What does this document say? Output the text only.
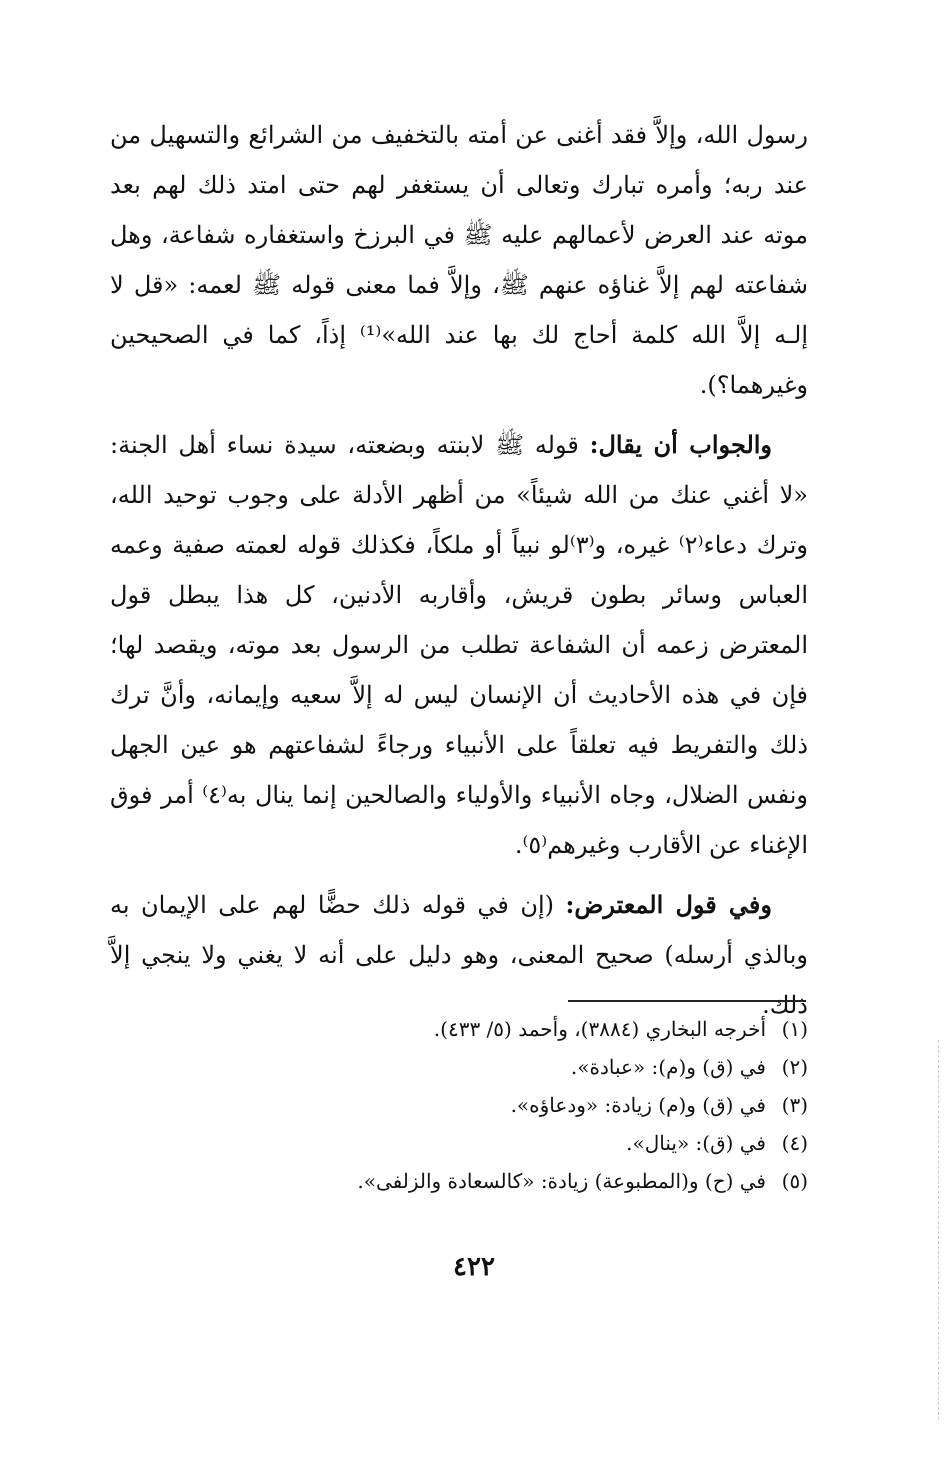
رسول الله، وإلاَّ فقد أغنى عن أمته بالتخفيف من الشرائع والتسهيل من عند ربه؛ وأمره تبارك وتعالى أن يستغفر لهم حتى امتد ذلك لهم بعد موته عند العرض لأعمالهم عليه ﷺ في البرزخ واستغفاره شفاعة، وهل شفاعته لهم إلاَّ غناؤه عنهم ﷺ، وإلاَّ فما معنى قوله ﷺ لعمه: «قل لا إلـه إلاَّ الله كلمة أحاج لك بها عند الله»⁽¹⁾ إذاً، كما في الصحيحين وغيرهما؟).

والجواب أن يقال: قوله ﷺ لابنته وبضعته، سيدة نساء أهل الجنة: «لا أغني عنك من الله شيئاً» من أظهر الأدلة على وجوب توحيد الله، وترك دعاء⁽٢⁾ غيره، و⁽٣⁾لو نبياً أو ملكاً، فكذلك قوله لعمته صفية وعمه العباس وسائر بطون قريش، وأقاربه الأدنين، كل هذا يبطل قول المعترض زعمه أن الشفاعة تطلب من الرسول بعد موته، ويقصد لها؛ فإن في هذه الأحاديث أن الإنسان ليس له إلاَّ سعيه وإيمانه، وأنَّ ترك ذلك والتفريط فيه تعلقاً على الأنبياء ورجاءً لشفاعتهم هو عين الجهل ونفس الضلال، وجاه الأنبياء والأولياء والصالحين إنما ينال به⁽٤⁾ أمر فوق الإغناء عن الأقارب وغيرهم⁽٥⁾.

وفي قول المعترض: (إن في قوله ذلك حضًّا لهم على الإيمان به وبالذي أرسله) صحيح المعنى، وهو دليل على أنه لا يغني ولا ينجي إلاَّ ذلك.

(١)
أخرجه البخاري (٣٨٨٤)، وأحمد (٥/ ٤٣٣).
(٢)
في (ق) و(م): «عبادة».
(٣)
في (ق) و(م) زيادة: «ودعاؤه».
(٤)
في (ق): «ينال».
(٥)
في (ح) و(المطبوعة) زيادة: «كالسعادة والزلفى».
٤٢٢
